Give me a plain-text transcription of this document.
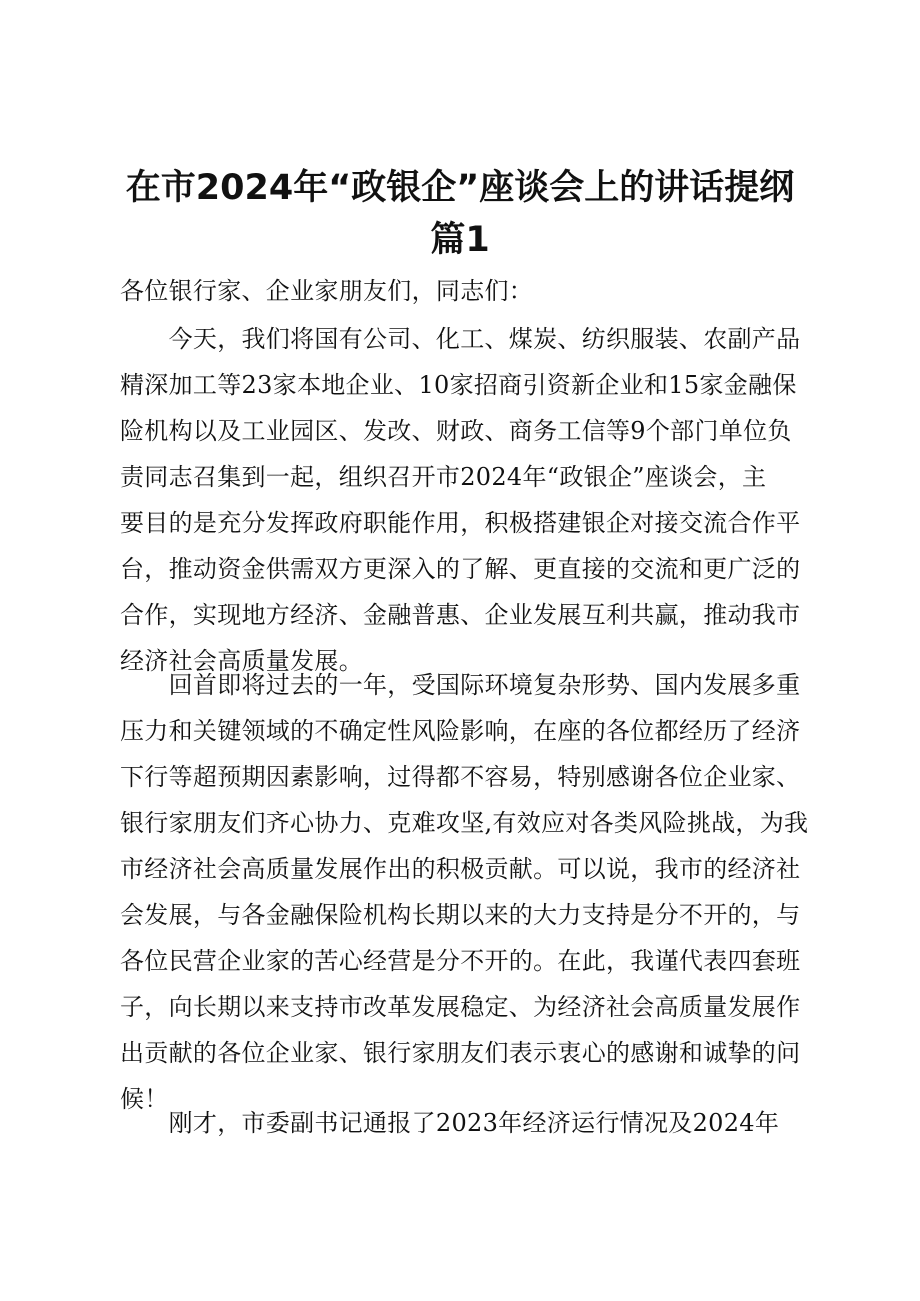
在市2024年“政银企”座谈会上的讲话提纲
篇1
各位银行家、企业家朋友们，同志们：
　　今天，我们将国有公司、化工、煤炭、纺织服装、农副产品
精深加工等23家本地企业、10家招商引资新企业和15家金融保
险机构以及工业园区、发改、财政、商务工信等9个部门单位负
责同志召集到一起，组织召开市2024年“政银企”座谈会，主
要目的是充分发挥政府职能作用，积极搭建银企对接交流合作平
台，推动资金供需双方更深入的了解、更直接的交流和更广泛的
合作，实现地方经济、金融普惠、企业发展互利共赢，推动我市
经济社会高质量发展。
　　回首即将过去的一年，受国际环境复杂形势、国内发展多重
压力和关键领域的不确定性风险影响，在座的各位都经历了经济
下行等超预期因素影响，过得都不容易，特别感谢各位企业家、
银行家朋友们齐心协力、克难攻坚,有效应对各类风险挑战，为我
市经济社会高质量发展作出的积极贡献。可以说，我市的经济社
会发展，与各金融保险机构长期以来的大力支持是分不开的，与
各位民营企业家的苦心经营是分不开的。在此，我谨代表四套班
子，向长期以来支持市改革发展稳定、为经济社会高质量发展作
出贡献的各位企业家、银行家朋友们表示衷心的感谢和诚挚的问
候！
　　刚才，市委副书记通报了2023年经济运行情况及2024年
